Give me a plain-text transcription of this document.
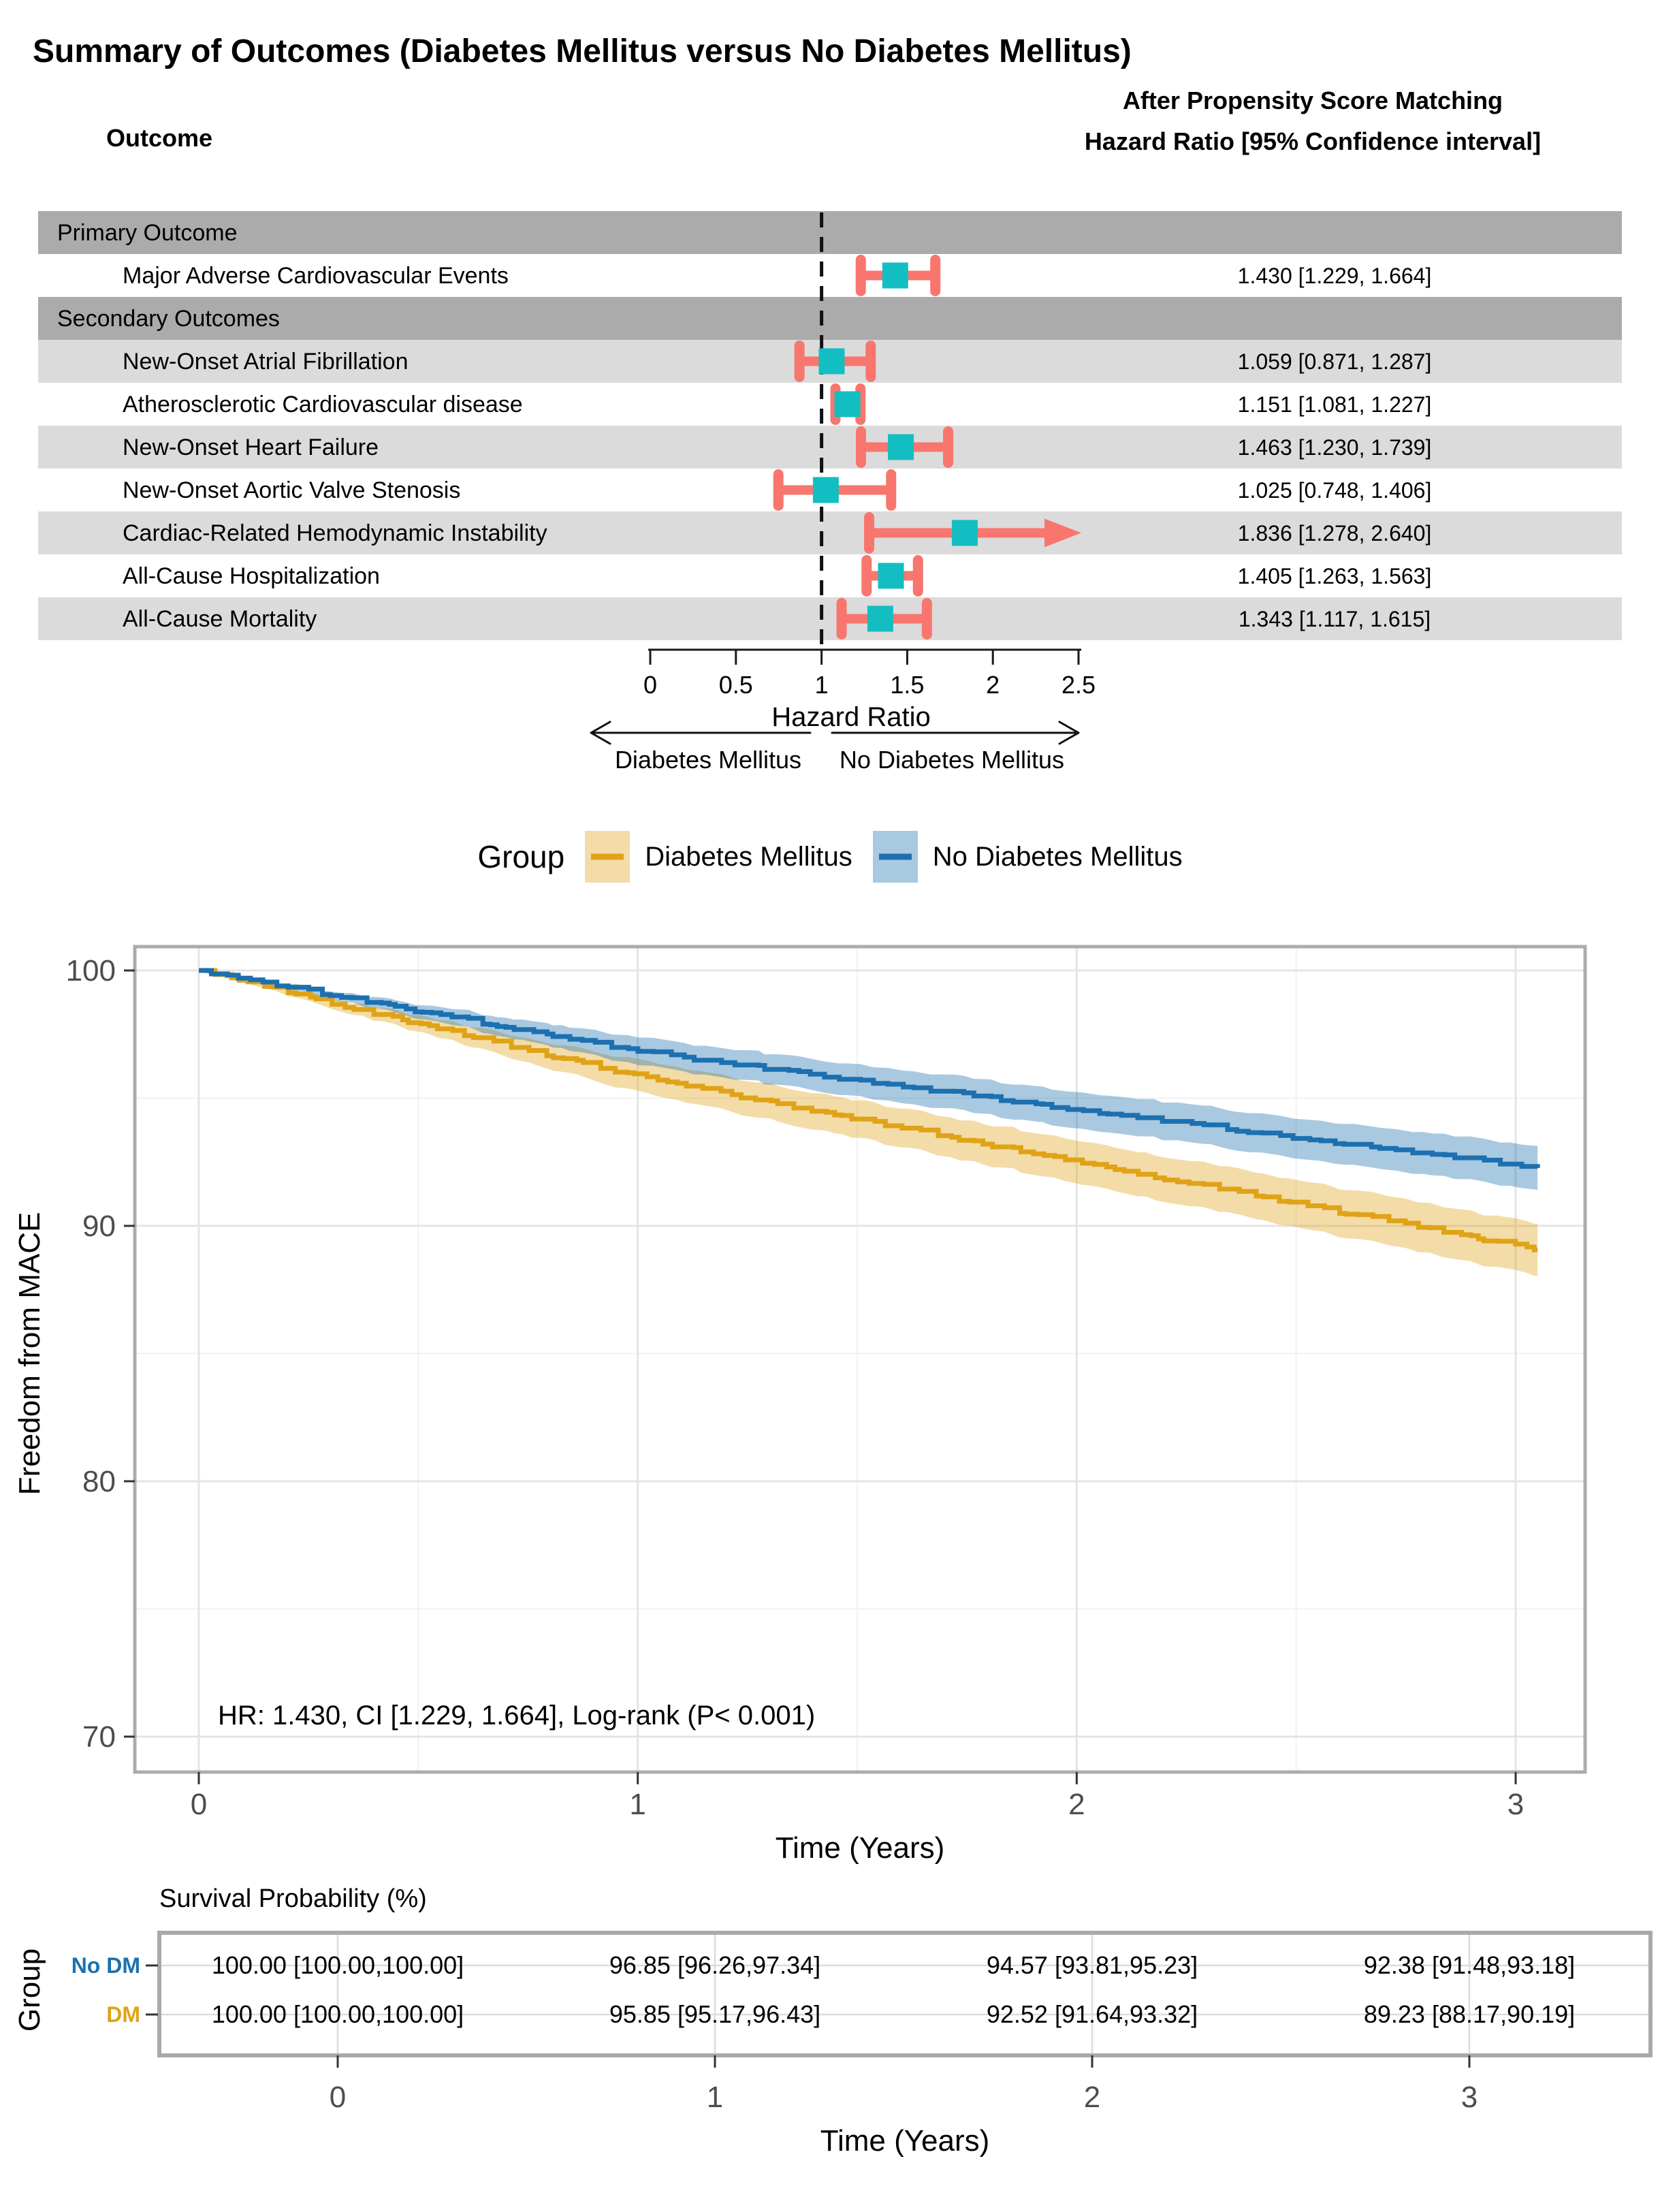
Summary of Outcomes (Diabetes Mellitus versus No Diabetes Mellitus)
Outcome
After Propensity Score Matching
Hazard Ratio [95% Confidence interval]
Primary Outcome
Major Adverse Cardiovascular Events	1.430 [1.229, 1.664]
Secondary Outcomes
New-Onset Atrial Fibrillation	1.059 [0.871, 1.287]
Atherosclerotic Cardiovascular disease	1.151 [1.081, 1.227]
New-Onset Heart Failure	1.463 [1.230, 1.739]
New-Onset Aortic Valve Stenosis	1.025 [0.748, 1.406]
Cardiac-Related Hemodynamic Instability	1.836 [1.278, 2.640]
All-Cause Hospitalization	1.405 [1.263, 1.563]
All-Cause Mortality	1.343 [1.117, 1.615]
0	0.5	1	1.5	2	2.5
Hazard Ratio
Diabetes Mellitus No Diabetes Mellitus
Group	Diabetes Mellitus	No Diabetes Mellitus
HR: 1.430, CI [1.229, 1.664], Log-rank (P< 0.001)
70
80
90
100
0	1	2	3
Time (Years)
Freedom from MACE
Survival Probability (%)
No DM	100.00 [100.00,100.00]	96.85 [96.26,97.34]	94.57 [93.81,95.23]	92.38 [91.48,93.18]
DM	100.00 [100.00,100.00]	95.85 [95.17,96.43]	92.52 [91.64,93.32]	89.23 [88.17,90.19]
0	1	2	3
Time (Years)
Group
